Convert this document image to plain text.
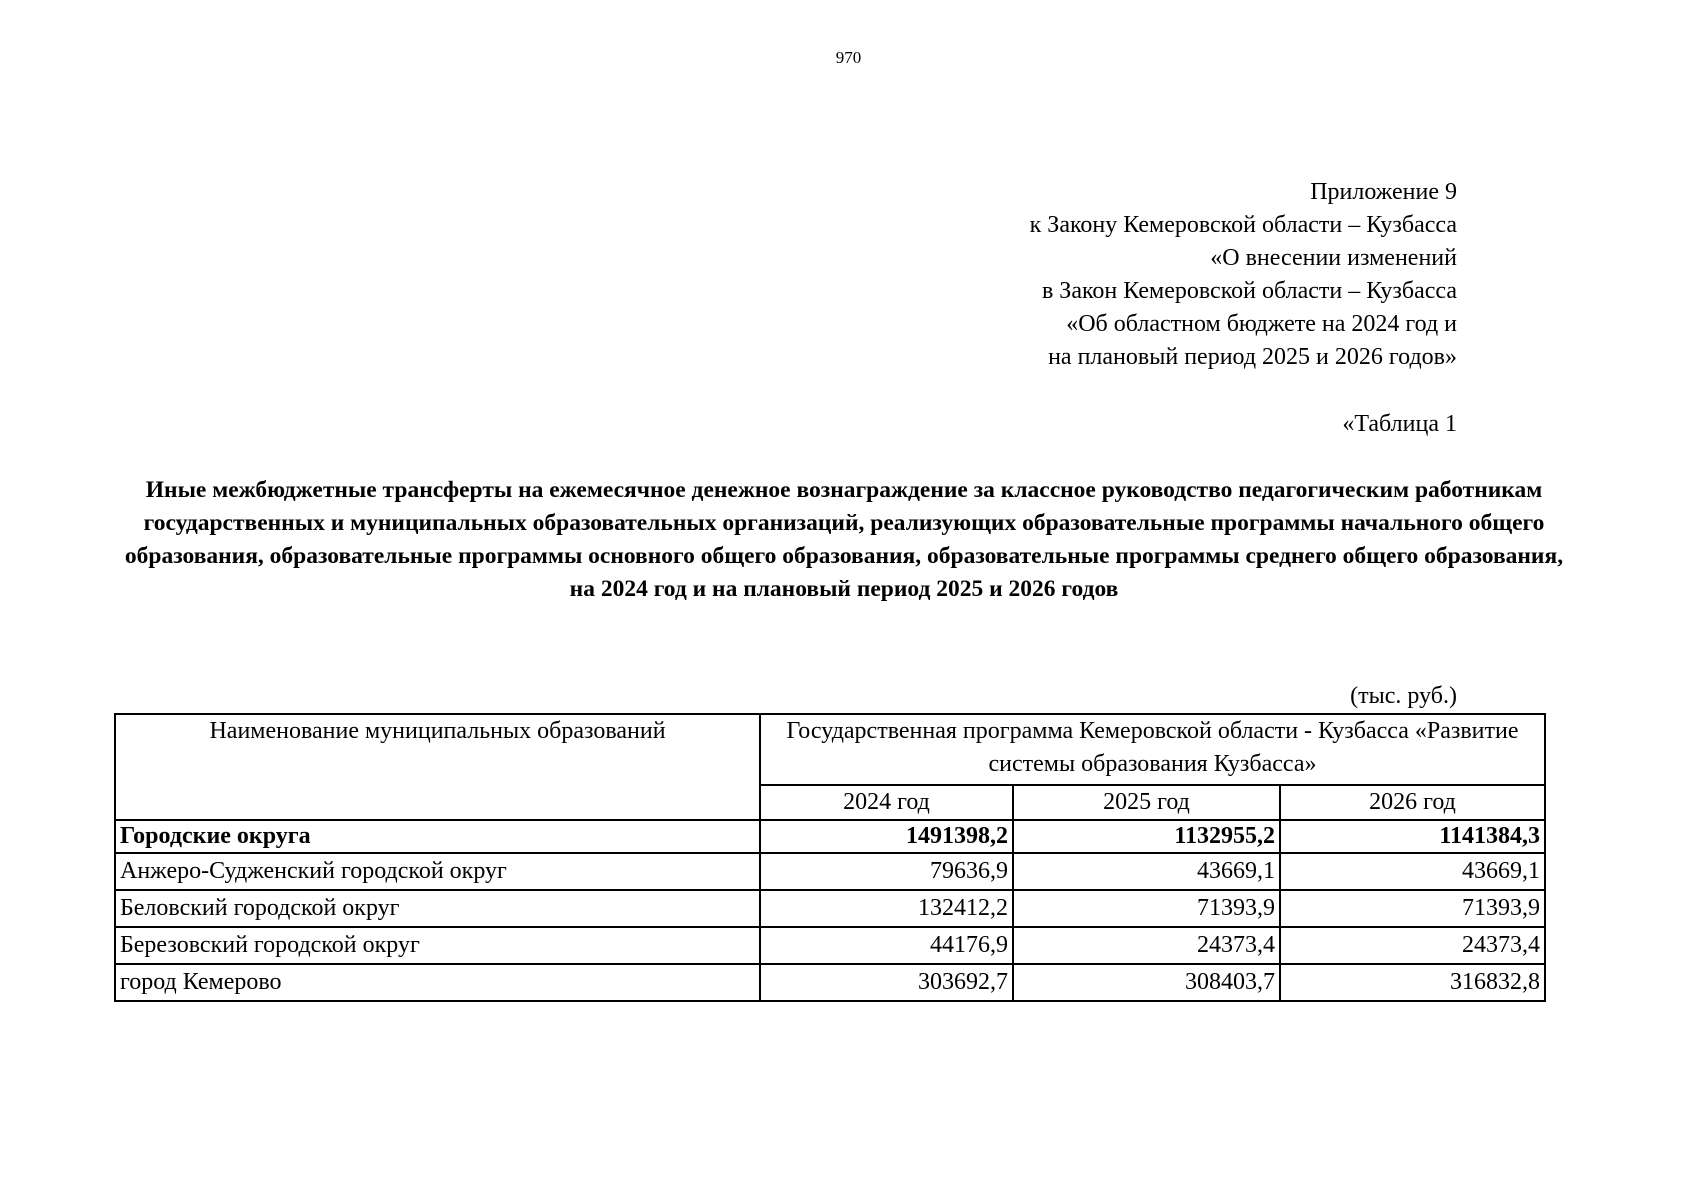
970
Приложение 9
к Закону Кемеровской области – Кузбасса
«О внесении изменений
в Закон Кемеровской области – Кузбасса
«Об областном бюджете на 2024 год и
на плановый период 2025 и 2026 годов»
«Таблица 1
Иные межбюджетные трансферты на ежемесячное денежное вознаграждение за классное руководство педагогическим работникам государственных и муниципальных образовательных организаций, реализующих образовательные программы начального общего образования, образовательные программы основного общего образования, образовательные программы среднего общего образования, на 2024 год и на плановый период 2025 и 2026 годов
(тыс. руб.)
Наименование муниципальных образований	Государственная программа Кемеровской области - Кузбасса «Развитие системы образования Кузбасса»		
	2024 год	2025 год	2026 год
Городские округа	1491398,2	1132955,2	1141384,3
Анжеро-Судженский городской округ	79636,9	43669,1	43669,1
Беловский городской округ	132412,2	71393,9	71393,9
Березовский городской округ	44176,9	24373,4	24373,4
город Кемерово	303692,7	308403,7	316832,8
